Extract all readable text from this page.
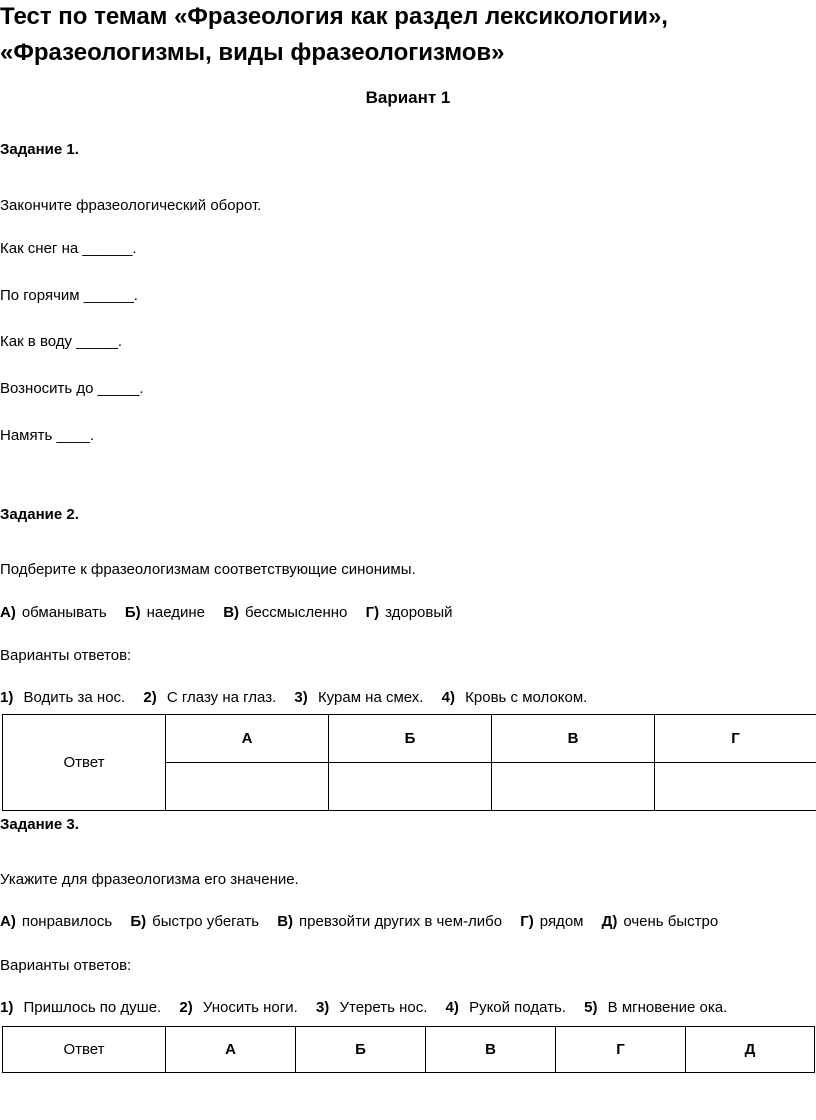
Тест по темам «Фразеология как раздел лексикологии»,
«Фразеологизмы, виды фразеологизмов»
Вариант 1
Задание 1.
Закончите фразеологический оборот.
Как снег на ______.
По горячим ______.
Как в воду _____.
Возносить до _____.
Намять ____.
Задание 2.
Подберите к фразеологизмам соответствующие синонимы.
А) обманывать Б) наедине В) бессмысленно Г) здоровый
Варианты ответов:
1) Водить за нос. 2) С глазу на глаз. 3) Курам на смех. 4) Кровь с молоком.
Ответ	А	Б	В	Г

Задание 3.
Укажите для фразеологизма его значение.
А) понравилось Б) быстро убегать В) превзойти других в чем-либо Г) рядом Д) очень быстро
Варианты ответов:
1) Пришлось по душе. 2) Уносить ноги. 3) Утереть нос. 4) Рукой подать. 5) В мгновение ока.
Ответ	А	Б	В	Г	Д
